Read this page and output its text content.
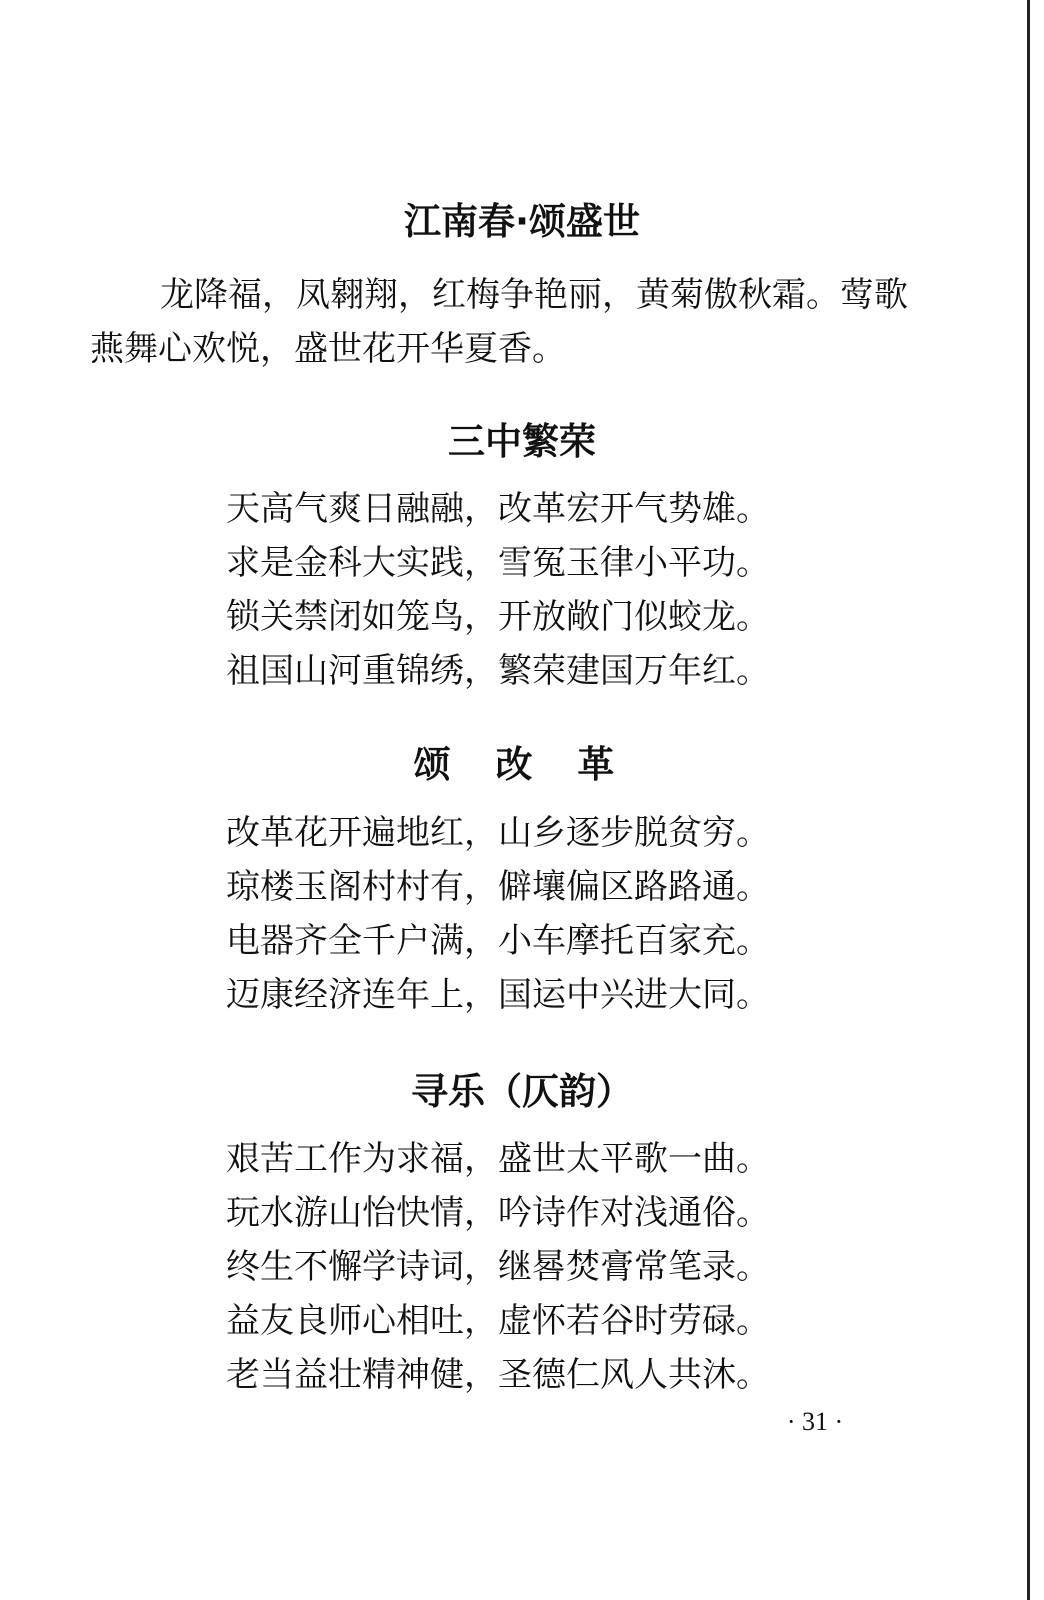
江南春·颂盛世

龙降福，凤翱翔，红梅争艳丽，黄菊傲秋霜。莺歌燕舞心欢悦，盛世花开华夏香。

三中繁荣
天高气爽日融融，改革宏开气势雄。
求是金科大实践，雪冤玉律小平功。
锁关禁闭如笼鸟，开放敞门似蛟龙。
祖国山河重锦绣，繁荣建国万年红。
颂 改 革
改革花开遍地红，山乡逐步脱贫穷。
琼楼玉阁村村有，僻壤偏区路路通。
电器齐全千户满，小车摩托百家充。
迈康经济连年上，国运中兴进大同。
寻乐（仄韵）
艰苦工作为求福，盛世太平歌一曲。
玩水游山怡快情，吟诗作对浅通俗。
终生不懈学诗词，继晷焚膏常笔录。
益友良师心相吐，虚怀若谷时劳碌。
老当益壮精神健，圣德仁风人共沐。
· 31 ·
